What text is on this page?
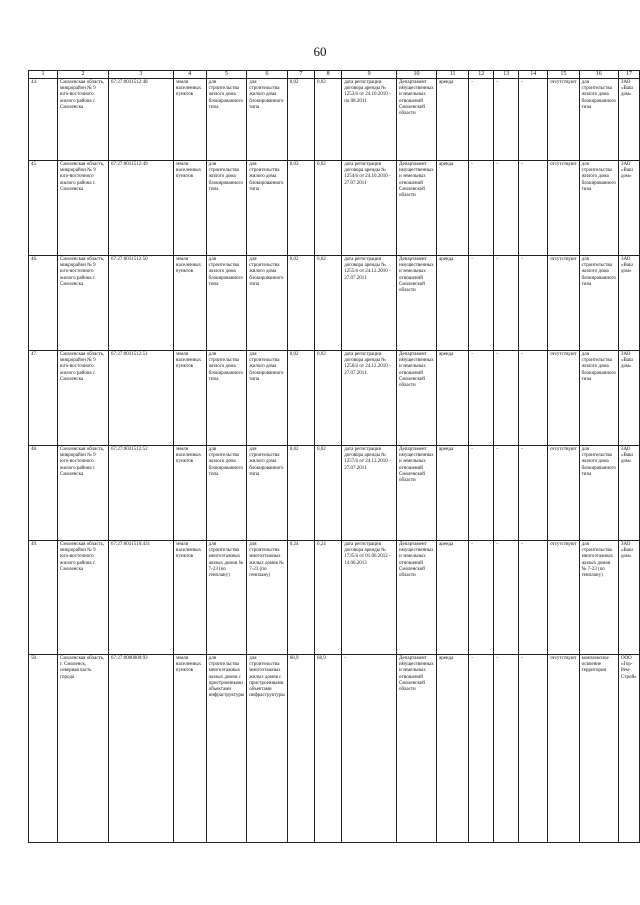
60
1	2	3	4	5	6	7	8	9	10	11	12	13	14	15	16	17
44.	Смоленская область, микрорайон № 9 юго-восточного жилого района г. Смоленска	67:27:0031512:48	земли населенных пунктов	для строительства жилого дома блокированного типа	для строительства жилого дома блокированного типа	0,02	0,02	дата регистрации договора аренды № 1253/ó от 24.10.2010 - по 08.2011	Департамент имущественных и земельных отношений Смоленской области	аренда	-	-	-	отсутствуют	для строительства жилого дома блокированного типа	ЗАО «Ваш дом»
45.	Смоленская область, микрорайон № 9 юго-восточного жилого района г. Смоленска	67:27:0031512:49	земли населенных пунктов	для строительства жилого дома блокированного типа	для строительства жилого дома блокированного типа	0,02	0,02	дата регистрации договора аренды № 1254/ó от 24.10.2010 - 27.07.2011	Департамент имущественных и земельных отношений Смоленской области	аренда	-	-	-	отсутствуют	для строительства жилого дома блокированного типа	ЗАО «Ваш дом»
46.	Смоленская область, микрорайон № 9 юго-восточного жилого района г. Смоленска	67:27:0031512:50	земли населенных пунктов	для строительства жилого дома блокированного типа	для строительства жилого дома блокированного типа	0,02	0,02	дата регистрации договора аренды № 1255/ó от 24.12.2010 - 27.07.2011	Департамент имущественных и земельных отношений Смоленской области	аренда	-	-	-	отсутствуют	для строительства жилого дома блокированного типа	ЗАО «Ваш дом»
47.	Смоленская область, микрорайон № 9 юго-восточного жилого района г. Смоленска	67:27:0031512:51	земли населенных пунктов	для строительства жилого дома блокированного типа	для строительства жилого дома блокированного типа	0,02	0,02	дата регистрации договора аренды № 1256/ó от 24.12.2010 - 27.07.2011	Департамент имущественных и земельных отношений Смоленской области	аренда	-	-	-	отсутствуют	для строительства жилого дома блокированного типа	ЗАО «Ваш дом»
48.	Смоленская область, микрорайон № 9 юго-восточного жилого района г. Смоленска	67:27:0031512:52	земли населенных пунктов	для строительства жилого дома блокированного типа	для строительства жилого дома блокированного типа	0,02	0,02	дата регистрации договора аренды № 1257/ó от 24.12.2010 - 27.07.2011	Департамент имущественных и земельных отношений Смоленской области	аренда	-	-	-	отсутствуют	для строительства жилого дома блокированного типа	ЗАО «Ваш дом»
49.	Смоленская область, микрорайон № 9 юго-восточного жилого района г. Смоленска	67:27:0031510:431	земли населенных пунктов	для строительства многоэтажных жилых домов № 7-23 (по генплану)	для строительства многоэтажных жилых домов № 7-23 (по генплану)	0,24	0,24	дата регистрации договора аренды № 1735/ó от 01.06.2012 - 14.06.2013	Департамент имущественных и земельных отношений Смоленской области	аренда	-	-	-	отсутствуют	для строительства многоэтажных жилых домов № 7-23 (по генплану)	ЗАО «Ваш дом»
50.	Смоленская область, г. Смоленск, северная часть города	67:27:0000000:93	земли населенных пунктов	для строительства многоэтажных жилых домов с пристроенными объектами инфраструктуры	для строительства многоэтажных жилых домов с пристроенными объектами инфраструктуры	68,9	68,9	-	Департамент имущественных и земельных отношений Смоленской области	аренда	-	-	-	отсутствуют	комплексное освоение территории	ООО «Гор-Рем-Строй»
